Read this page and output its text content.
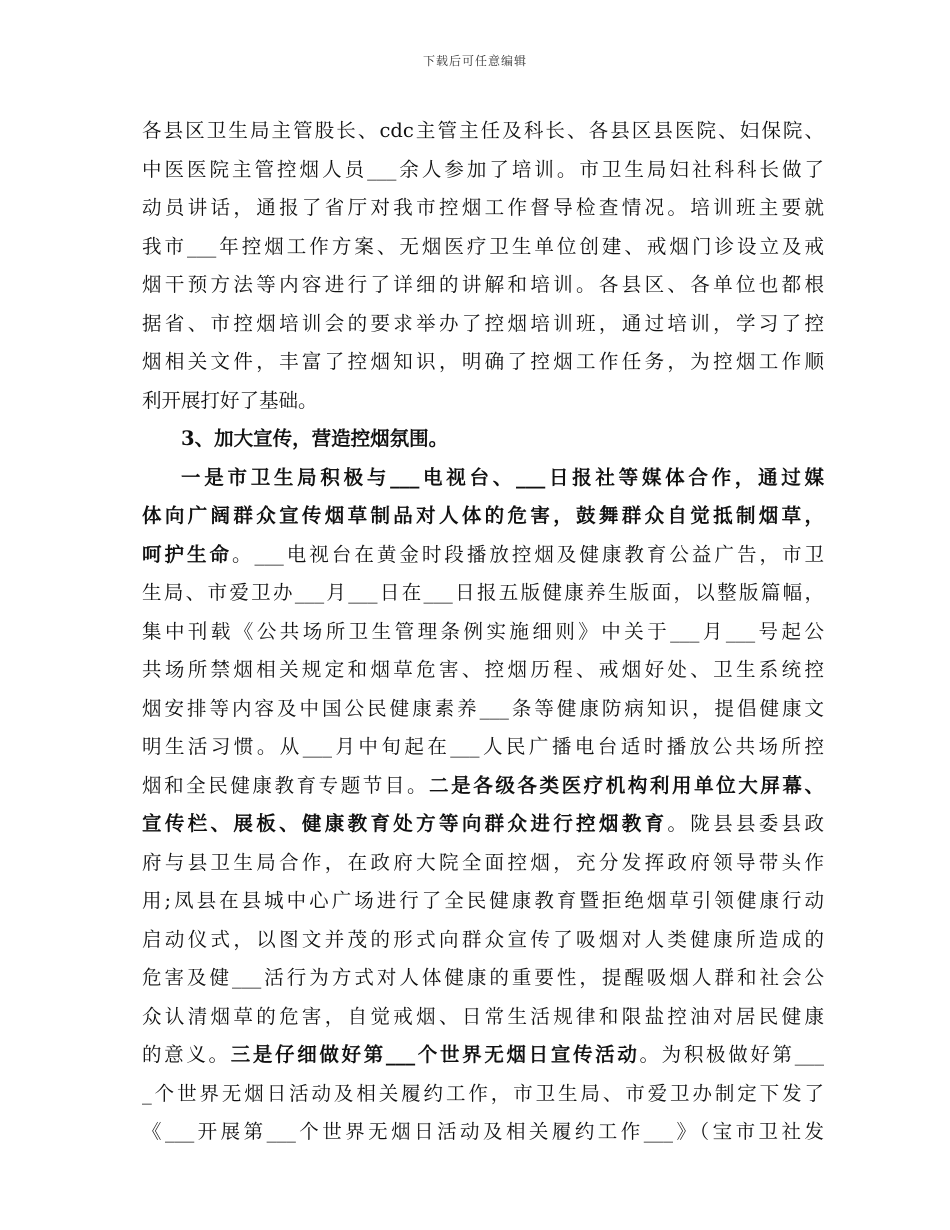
下载后可任意编辑
各县区卫生局主管股长、cdc主管主任及科长、各县区县医院、妇保院、
中医医院主管控烟人员___余人参加了培训。市卫生局妇社科科长做了
动员讲话，通报了省厅对我市控烟工作督导检查情况。培训班主要就
我市___年控烟工作方案、无烟医疗卫生单位创建、戒烟门诊设立及戒
烟干预方法等内容进行了详细的讲解和培训。各县区、各单位也都根
据省、市控烟培训会的要求举办了控烟培训班，通过培训，学习了控
烟相关文件，丰富了控烟知识，明确了控烟工作任务，为控烟工作顺
利开展打好了基础。
3、加大宣传，营造控烟氛围。
一是市卫生局积极与___电视台、___日报社等媒体合作，通过媒
体向广阔群众宣传烟草制品对人体的危害，鼓舞群众自觉抵制烟草，
呵护生命。___电视台在黄金时段播放控烟及健康教育公益广告，市卫
生局、市爱卫办___月___日在___日报五版健康养生版面，以整版篇幅，
集中刊载《公共场所卫生管理条例实施细则》中关于___月___号起公
共场所禁烟相关规定和烟草危害、控烟历程、戒烟好处、卫生系统控
烟安排等内容及中国公民健康素养___条等健康防病知识，提倡健康文
明生活习惯。从___月中旬起在___人民广播电台适时播放公共场所控
烟和全民健康教育专题节目。二是各级各类医疗机构利用单位大屏幕、
宣传栏、展板、健康教育处方等向群众进行控烟教育。陇县县委县政
府与县卫生局合作，在政府大院全面控烟，充分发挥政府领导带头作
用;凤县在县城中心广场进行了全民健康教育暨拒绝烟草引领健康行动
启动仪式，以图文并茂的形式向群众宣传了吸烟对人类健康所造成的
危害及健___活行为方式对人体健康的重要性，提醒吸烟人群和社会公
众认清烟草的危害，自觉戒烟、日常生活规律和限盐控油对居民健康
的意义。三是仔细做好第___个世界无烟日宣传活动。为积极做好第___
_个世界无烟日活动及相关履约工作，市卫生局、市爱卫办制定下发了
《___开展第___个世界无烟日活动及相关履约工作___》（宝市卫社发
